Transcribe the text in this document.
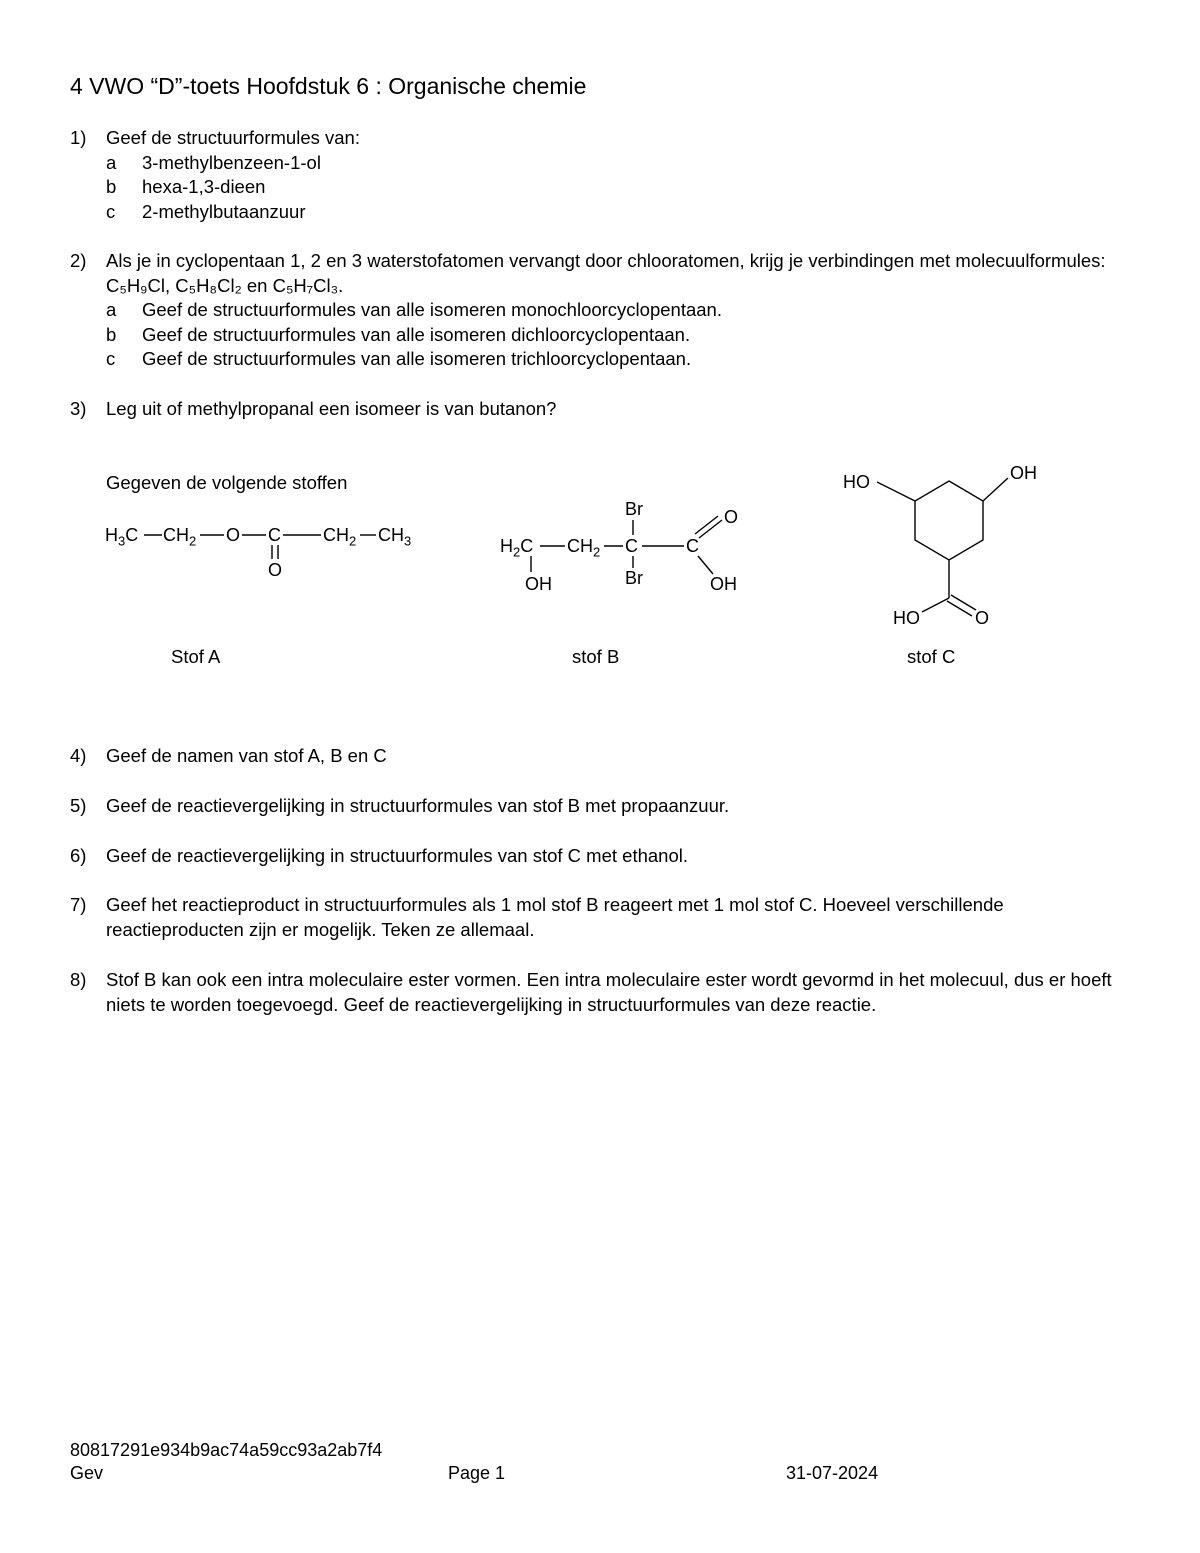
4 VWO “D”-toets Hoofdstuk 6 : Organische chemie
1) Geef de structuurformules van:
a	3-methylbenzeen-1-ol
b	hexa-1,3-dieen
c	2-methylbutaanzuur
2) Als je in cyclopentaan 1, 2 en 3 waterstofatomen vervangt door chlooratomen, krijg je verbindingen met molecuulformules: C₅H₉Cl, C₅H₈Cl₂ en C₅H₇Cl₃.
a	Geef de structuurformules van alle isomeren monochloorcyclopentaan.
b	Geef de structuurformules van alle isomeren dichloorcyclopentaan.
c	Geef de structuurformules van alle isomeren trichloorcyclopentaan.
3) Leg uit of methylpropanal een isomeer is van butanon?
Gegeven de volgende stoffen
$H_3C$ $CH_2$ O C
O
$CH_2$ $CH_3$	$H_2C$
OH
$CH_2$ C
Br
Br
C
O
OH
HO	OH
HO	O
Stof A	stof B	stof C
4) Geef de namen van stof A, B en C
5) Geef de reactievergelijking in structuurformules van stof B met propaanzuur.
6) Geef de reactievergelijking in structuurformules van stof C met ethanol.
7) Geef het reactieproduct in structuurformules als 1 mol stof B reageert met 1 mol stof C. Hoeveel verschillende reactieproducten zijn er mogelijk. Teken ze allemaal.
8) Stof B kan ook een intra moleculaire ester vormen. Een intra moleculaire ester wordt gevormd in het molecuul, dus er hoeft niets te worden toegevoegd. Geef de reactievergelijking in structuurformules van deze reactie.
80817291e934b9ac74a59cc93a2ab7f4
Gev	Page 1	31-07-2024
